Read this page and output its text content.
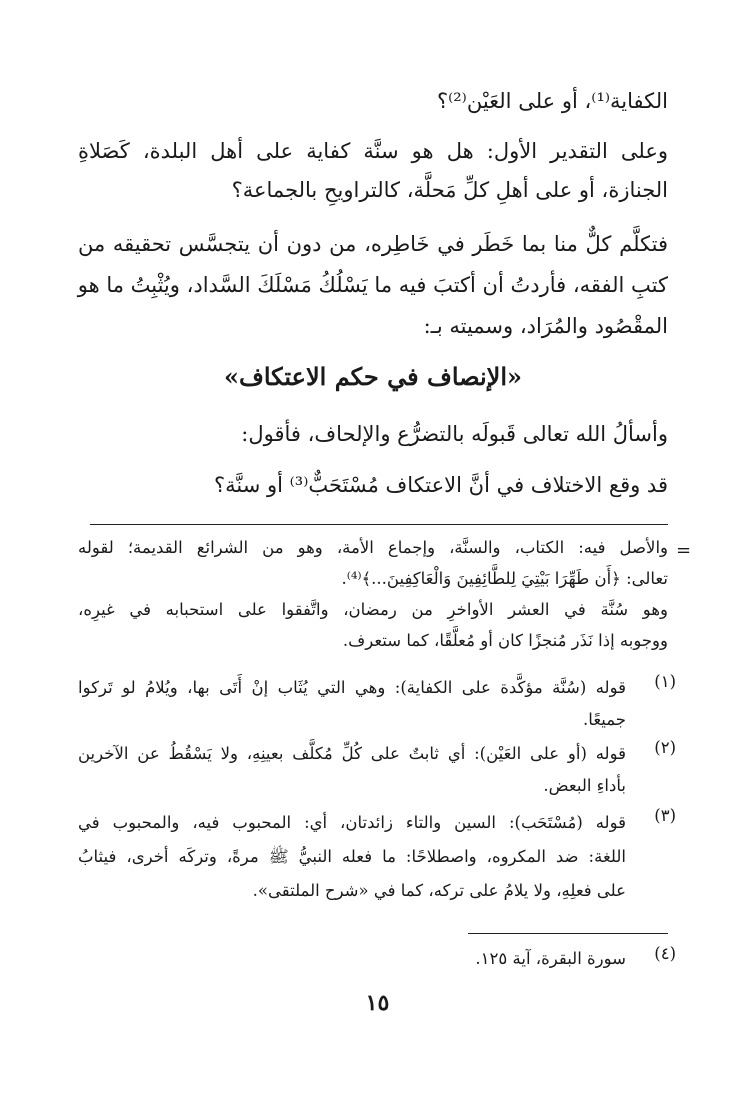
الكفاية⁽¹⁾، أو على العَيْن⁽²⁾؟
وعلى التقدير الأول: هل هو سنَّة كفاية على أهل البلدة، كَصَلاةِ
الجنازة، أو على أهلِ كلِّ مَحلَّة، كالتراويحِ بالجماعة؟
فتكلَّم كلٌّ منا بما خَطَر في خَاطِره، من دون أن يتجسَّس تحقيقه من
كتبِ الفقه، فأردتُ أن أكتبَ فيه ما يَسْلُكُ مَسْلَكَ السَّداد، ويُثْبِتُ ما هو
المقْصُود والمُرَاد، وسميته بـ:
«الإنصاف في حكم الاعتكاف»
وأسألُ الله تعالى قَبولَه بالتضرُّع والإلحاف، فأقول:
قد وقع الاختلاف في أنَّ الاعتكاف مُسْتَحَبٌّ⁽³⁾ أو سنَّة؟
=
والأصل فيه: الكتاب، والسنَّة، وإجماع الأمة، وهو من الشرائع القديمة؛ لقوله
تعالى: ﴿أَن طَهِّرَا بَيْتِيَ لِلطَّائِفِينَ وَالْعَاكِفِينَ...﴾⁽⁴⁾.
وهو سُنَّة في العشر الأواخرِ من رمضان، واتَّفقوا على استحبابه في غيرِه،
ووجوبه إذا نَذَر مُنجزًا كان أو مُعلَّقًا، كما ستعرف.
(١)
قوله (سُنَّة مؤكَّدة على الكفاية): وهي التي يُثَاب إنْ أَتَى بها، ويُلامُ لو تَركوا
جميعًا.
(٢)
قوله (أو على العَيْن): أي ثابتٌ على كُلِّ مُكلَّف بعينِهِ، ولا يَسْقُطُ عن الآخرين
بأداءِ البعض.
(٣)
قوله (مُسْتَحَب): السين والتاء زائدتان، أي: المحبوب فيه، والمحبوب في
اللغة: ضد المكروه، واصطلاحًا: ما فعله النبيُّ ﷺ مرةً، وتركَه أخرى، فيثابُ
على فعلِهِ، ولا يلامُ على تركه، كما في «شرح الملتقى».
(٤)
سورة البقرة، آية ١٢٥.
١٥
